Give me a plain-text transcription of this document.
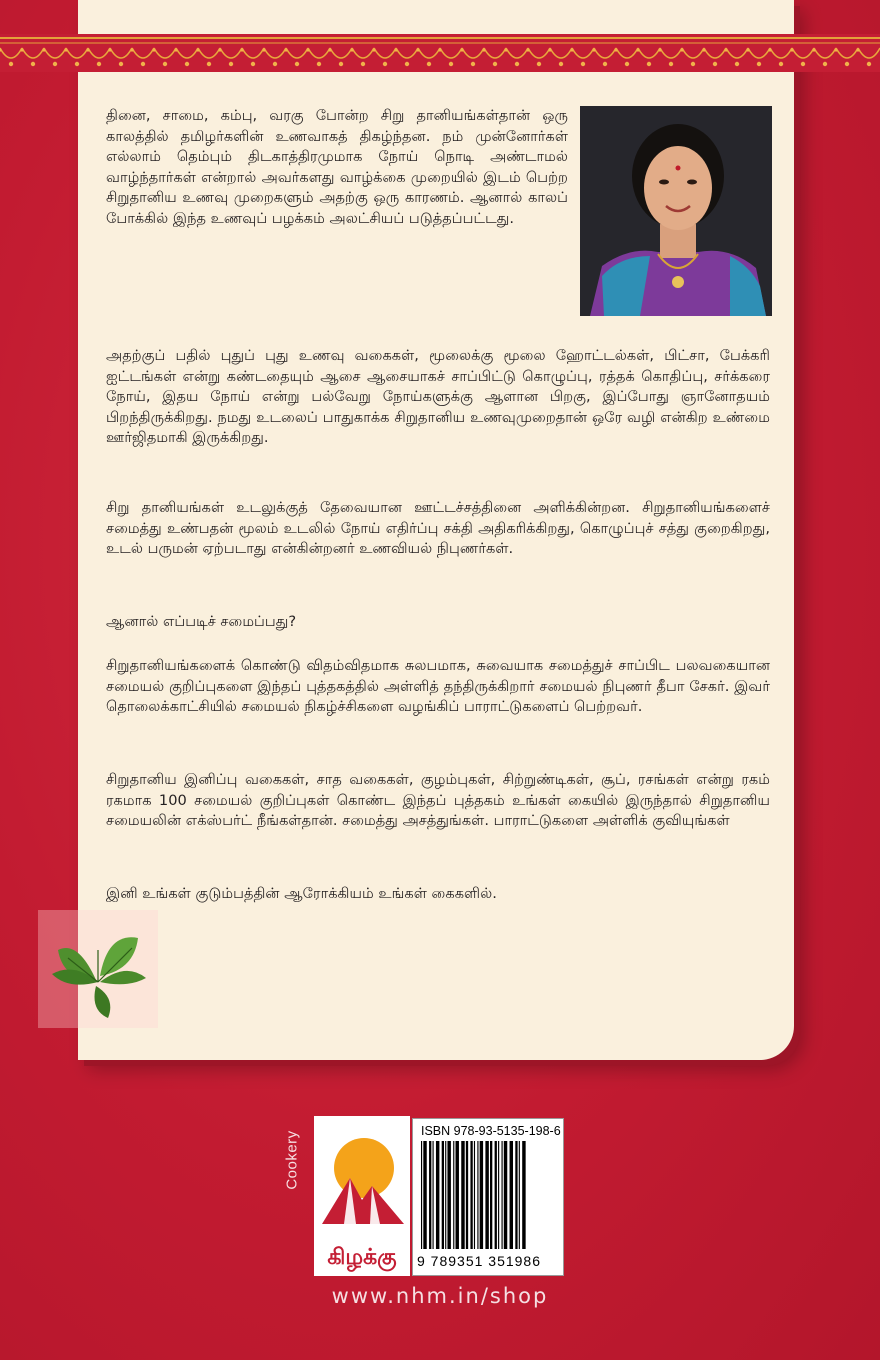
தினை, சாமை, கம்பு, வரகு போன்ற சிறு தானியங்கள்தான் ஒரு காலத்தில் தமிழர்களின் உணவாகத் திகழ்ந்தன. நம் முன்னோர்கள் எல்லாம் தெம்பும் திடகாத்திரமுமாக நோய் நொடி அண்டாமல் வாழ்ந்தார்கள் என்றால் அவர்களது வாழ்க்கை முறையில் இடம் பெற்ற சிறுதானிய உணவு முறைகளும் அதற்கு ஒரு காரணம். ஆனால் காலப் போக்கில் இந்த உணவுப் பழக்கம் அலட்சியப் படுத்தப்பட்டது.
அதற்குப் பதில் புதுப் புது உணவு வகைகள், மூலைக்கு மூலை ஹோட்டல்கள், பிட்சா, பேக்கரி ஐட்டங்கள் என்று கண்டதையும் ஆசை ஆசையாகச் சாப்பிட்டு கொழுப்பு, ரத்தக் கொதிப்பு, சர்க்கரை நோய், இதய நோய் என்று பல்வேறு நோய்களுக்கு ஆளான பிறகு, இப்போது ஞானோதயம் பிறந்திருக்கிறது. நமது உடலைப் பாதுகாக்க சிறுதானிய உணவுமுறைதான் ஒரே வழி என்கிற உண்மை ஊர்ஜிதமாகி இருக்கிறது.
சிறு தானியங்கள் உடலுக்குத் தேவையான ஊட்டச்சத்தினை அளிக்கின்றன. சிறுதானியங்களைச் சமைத்து உண்பதன் மூலம் உடலில் நோய் எதிர்ப்பு சக்தி அதிகரிக்கிறது, கொழுப்புச் சத்து குறைகிறது, உடல் பருமன் ஏற்படாது என்கின்றனர் உணவியல் நிபுணர்கள்.
ஆனால் எப்படிச் சமைப்பது?
சிறுதானியங்களைக் கொண்டு விதம்விதமாக சுலபமாக, சுவையாக சமைத்துச் சாப்பிட பலவகையான சமையல் குறிப்புகளை இந்தப் புத்தகத்தில் அள்ளித் தந்திருக்கிறார் சமையல் நிபுணர் தீபா சேகர். இவர் தொலைக்காட்சியில் சமையல் நிகழ்ச்சிகளை வழங்கிப் பாராட்டுகளைப் பெற்றவர்.
சிறுதானிய இனிப்பு வகைகள், சாத வகைகள், குழம்புகள், சிற்றுண்டிகள், சூப், ரசங்கள் என்று ரகம் ரகமாக 100 சமையல் குறிப்புகள் கொண்ட இந்தப் புத்தகம் உங்கள் கையில் இருந்தால் சிறுதானிய சமையலின் எக்ஸ்பர்ட் நீங்கள்தான். சமைத்து அசத்துங்கள். பாராட்டுகளை அள்ளிக் குவியுங்கள்
இனி உங்கள் குடும்பத்தின் ஆரோக்கியம் உங்கள் கைகளில்.
Cookery
கிழக்கு
ISBN 978-93-5135-198-6
9 789351 351986
www.nhm.in/shop
